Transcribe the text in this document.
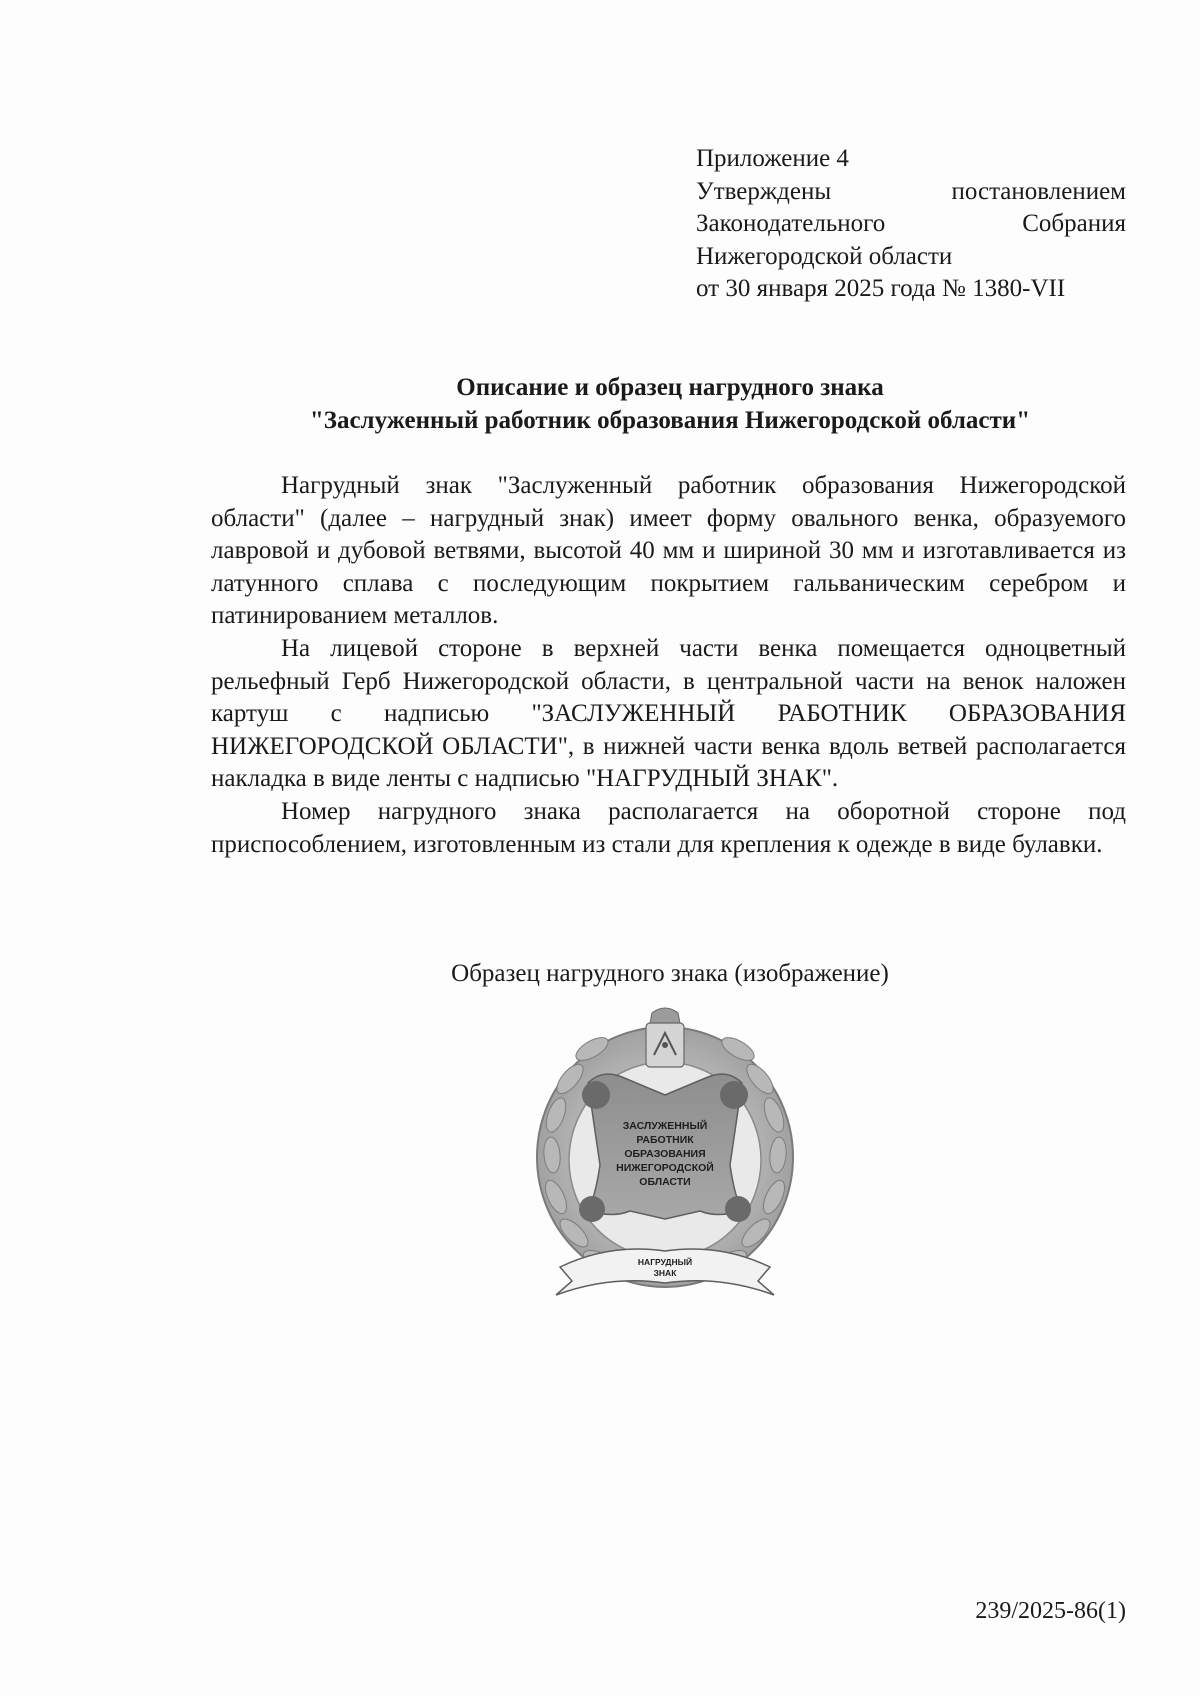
Приложение 4
Утверждены	постановлением
Законодательного	Собрания
Нижегородской области
от 30 января 2025 года № 1380-VII
Описание и образец нагрудного знака
"Заслуженный работник образования Нижегородской области"

Нагрудный знак "Заслуженный работник образования Нижегородской области" (далее – нагрудный знак) имеет форму овального венка, образуемого лавровой и дубовой ветвями, высотой 40 мм и шириной 30 мм и изготавливается из латунного сплава с последующим покрытием гальваническим серебром и патинированием металлов.

На лицевой стороне в верхней части венка помещается одноцветный рельефный Герб Нижегородской области, в центральной части на венок наложен картуш с надписью "ЗАСЛУЖЕННЫЙ РАБОТНИК ОБРАЗОВАНИЯ НИЖЕГОРОДСКОЙ ОБЛАСТИ", в нижней части венка вдоль ветвей располагается накладка в виде ленты с надписью "НАГРУДНЫЙ ЗНАК".

Номер нагрудного знака располагается на оборотной стороне под приспособлением, изготовленным из стали для крепления к одежде в виде булавки.

Образец нагрудного знака (изображение)
ЗАСЛУЖЕННЫЙ
РАБОТНИК
ОБРАЗОВАНИЯ
НИЖЕГОРОДСКОЙ
ОБЛАСТИ
НАГРУДНЫЙ
ЗНАК
239/2025-86(1)
